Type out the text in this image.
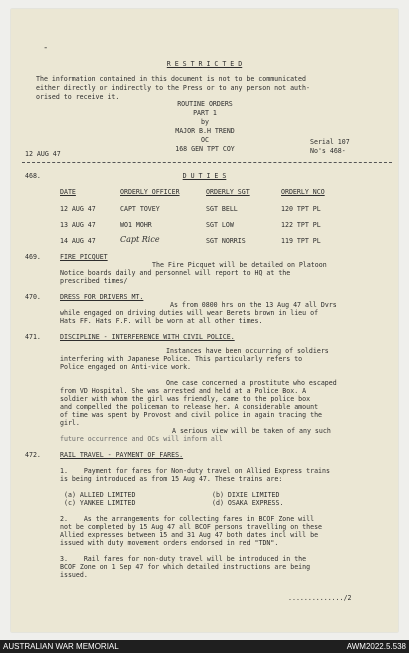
-
R E S T R I C T E D
The information contained in this document is not to be communicated
either directly or indirectly to the Press or to any person not auth-
orised to receive it.
ROUTINE ORDERS
PART 1
by
MAJOR B.H TREND
OC
168 GEN TPT COY
Serial 107
No's 468-
12 AUG 47
468.	D U T I E S
DATE	ORDERLY OFFICER	ORDERLY SGT	ORDERLY NCO
12 AUG 47	CAPT TOVEY	SGT BELL	120 TPT PL
13 AUG 47	WO1 MOHR	SGT LOW	122 TPT PL
14 AUG 47	Capt Rice	SGT NORRIS	119 TPT PL
469.	FIRE PICQUET
The Fire Picquet will be detailed on Platoon
Notice boards daily and personnel will report to HQ at the
prescribed times/
470.	DRESS FOR DRIVERS MT.
As from 0800 hrs on the 13 Aug 47 all Dvrs
while engaged on driving duties will wear Berets brown in lieu of
Hats FF. Hats F.F. will be worn at all other times.
471.	DISCIPLINE - INTERFERENCE WITH CIVIL POLICE.
Instances have been occurring of soldiers
interfering with Japanese Police. This particularly refers to
Police engaged on Anti-vice work.
One case concerned a prostitute who escaped
from VD Hospital. She was arrested and held at a Police Box. A
soldier with whom the girl was friendly, came to the police box
and compelled the policeman to release her. A considerable amount
of time was spent by Provost and civil police in again tracing the
girl.
A serious view will be taken of any such
future occurrence and OCs will inform all
472.	RAIL TRAVEL - PAYMENT OF FARES.
1.    Payment for fares for Non-duty travel on Allied Express trains
is being introduced as from 15 Aug 47. These trains are:
(a) ALLIED LIMITED	(b) DIXIE LIMITED
(c) YANKEE LIMITED	(d) OSAKA EXPRESS.
2.    As the arrangements for collecting fares in BCOF Zone will
not be completed by 15 Aug 47 all BCOF persons travelling on these
Allied expresses between 15 and 31 Aug 47 both dates incl will be
issued with duty movement orders endorsed in red "TDN".
3.    Rail fares for non-duty travel will be introduced in the
BCOF Zone on 1 Sep 47 for which detailed instructions are being
issued.
............../2
AUSTRALIAN WAR MEMORIAL	AWM2022.5.538
